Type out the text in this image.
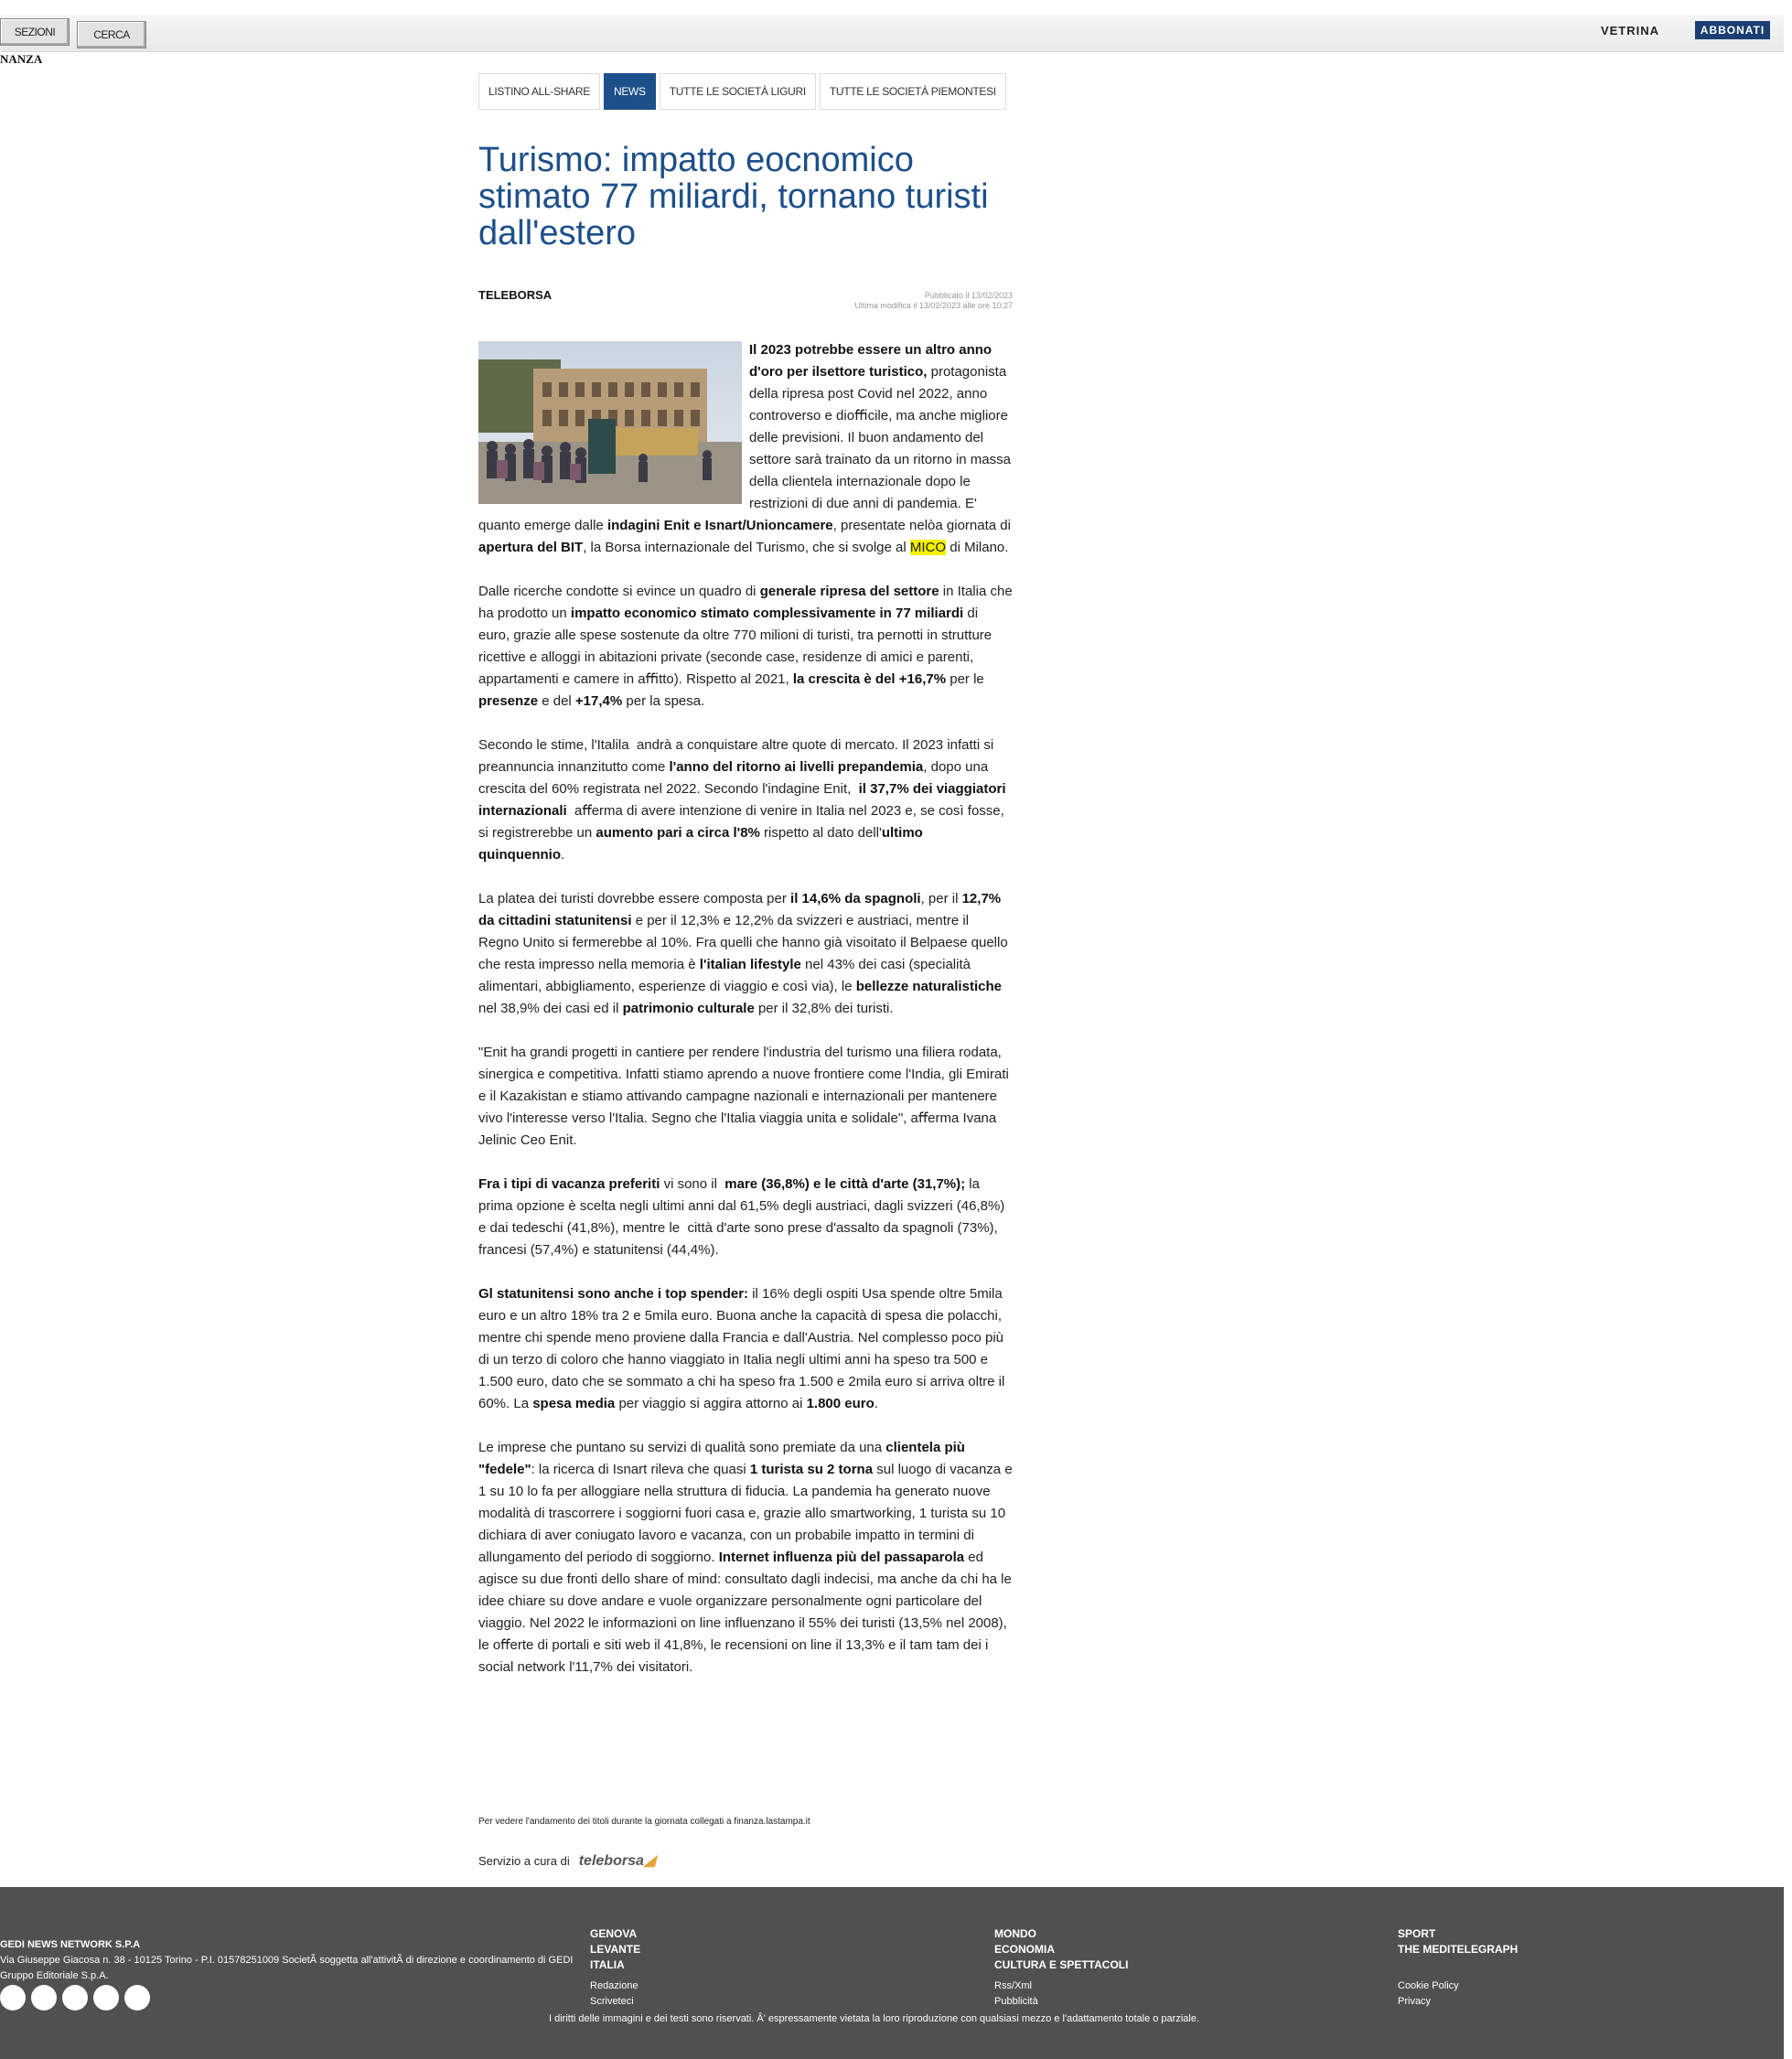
SEZIONI	CERCA	VETRINA	ABBONATI
NANZA
LISTINO ALL-SHARE	NEWS	TUTTE LE SOCIETÀ LIGURI	TUTTE LE SOCIETÀ PIEMONTESI
Turismo: impatto eocnomico stimato 77 miliardi, tornano turisti dall'estero
TELEBORSA	Pubblicato il 13/02/2023
Ultima modifica il 13/02/2023 alle ore 10:27

Il 2023 potrebbe essere un altro anno d'oro per ilsettore turistico, protagonista della ripresa post Covid nel 2022, anno controverso e dioﬃcile, ma anche migliore delle previsioni. Il buon andamento del settore sarà trainato da un ritorno in massa della clientela internazionale dopo le restrizioni di due anni di pandemia. E' quanto emerge dalle indagini Enit e Isnart/Unioncamere, presentate nelòa giornata di apertura del BIT, la Borsa internazionale del Turismo, che si svolge al MICO di Milano.

Dalle ricerche condotte si evince un quadro di generale ripresa del settore in Italia che ha prodotto un impatto economico stimato complessivamente in 77 miliardi di euro, grazie alle spese sostenute da oltre 770 milioni di turisti, tra pernotti in strutture ricettive e alloggi in abitazioni private (seconde case, residenze di amici e parenti, appartamenti e camere in aﬃtto). Rispetto al 2021, la crescita è del +16,7% per le presenze e del +17,4% per la spesa.

Secondo le stime, l'Italila  andrà a conquistare altre quote di mercato. Il 2023 infatti si preannuncia innanzitutto come l'anno del ritorno ai livelli prepandemia, dopo una crescita del 60% registrata nel 2022. Secondo l'indagine Enit,  il 37,7% dei viaggiatori internazionali  aﬀerma di avere intenzione di venire in Italia nel 2023 e, se così fosse, si registrerebbe un aumento pari a circa l'8% rispetto al dato dell'ultimo quinquennio.

La platea dei turisti dovrebbe essere composta per il 14,6% da spagnoli, per il 12,7% da cittadini statunitensi e per il 12,3% e 12,2% da svizzeri e austriaci, mentre il Regno Unito si fermerebbe al 10%. Fra quelli che hanno già visoitato il Belpaese quello che resta impresso nella memoria è l'italian lifestyle nel 43% dei casi (specialità alimentari, abbigliamento, esperienze di viaggio e così via), le bellezze naturalistiche nel 38,9% dei casi ed il patrimonio culturale per il 32,8% dei turisti.

"Enit ha grandi progetti in cantiere per rendere l'industria del turismo una ﬁliera rodata, sinergica e competitiva. Infatti stiamo aprendo a nuove frontiere come l'India, gli Emirati e il Kazakistan e stiamo attivando campagne nazionali e internazionali per mantenere vivo l'interesse verso l'Italia. Segno che l'Italia viaggia unita e solidale", aﬀerma Ivana Jelinic Ceo Enit.

Fra i tipi di vacanza preferiti vi sono il  mare (36,8%) e le città d'arte (31,7%); la prima opzione è scelta negli ultimi anni dal 61,5% degli austriaci, dagli svizzeri (46,8%) e dai tedeschi (41,8%), mentre le  città d'arte sono prese d'assalto da spagnoli (73%), francesi (57,4%) e statunitensi (44,4%).

Gl statunitensi sono anche i top spender: il 16% degli ospiti Usa spende oltre 5mila euro e un altro 18% tra 2 e 5mila euro. Buona anche la capacità di spesa die polacchi, mentre chi spende meno proviene dalla Francia e dall'Austria. Nel complesso poco più di un terzo di coloro che hanno viaggiato in Italia negli ultimi anni ha speso tra 500 e 1.500 euro, dato che se sommato a chi ha speso fra 1.500 e 2mila euro si arriva oltre il 60%. La spesa media per viaggio si aggira attorno ai 1.800 euro.

Le imprese che puntano su servizi di qualità sono premiate da una clientela più "fedele": la ricerca di Isnart rileva che quasi 1 turista su 2 torna sul luogo di vacanza e 1 su 10 lo fa per alloggiare nella struttura di ﬁducia. La pandemia ha generato nuove modalità di trascorrere i soggiorni fuori casa e, grazie allo smartworking, 1 turista su 10 dichiara di aver coniugato lavoro e vacanza, con un probabile impatto in termini di allungamento del periodo di soggiorno. Internet influenza più del passaparola ed agisce su due fronti dello share of mind: consultato dagli indecisi, ma anche da chi ha le idee chiare su dove andare e vuole organizzare personalmente ogni particolare del viaggio. Nel 2022 le informazioni on line inﬂuenzano il 55% dei turisti (13,5% nel 2008), le oﬀerte di portali e siti web il 41,8%, le recensioni on line il 13,3% e il tam tam dei i social network l'11,7% dei visitatori.

Per vedere l'andamento dei titoli durante la giornata collegati a finanza.lastampa.it
Servizio a cura di teleborsa◢
GEDI NEWS NETWORK S.P.A
Via Giuseppe Giacosa n. 38 - 10125 Torino - P.I. 01578251009 SocietÃ soggetta all'attivitÃ di direzione e coordinamento di GEDI
Gruppo Editoriale S.p.A.
GENOVA
LEVANTE
ITALIA
Redazione
Scriveteci
MONDO
ECONOMIA
CULTURA E SPETTACOLI
Rss/Xml
Pubblicità
SPORT
THE MEDITELEGRAPH
Cookie Policy
Privacy
I diritti delle immagini e dei testi sono riservati. Â' espressamente vietata la loro riproduzione con qualsiasi mezzo e l'adattamento totale o parziale.
